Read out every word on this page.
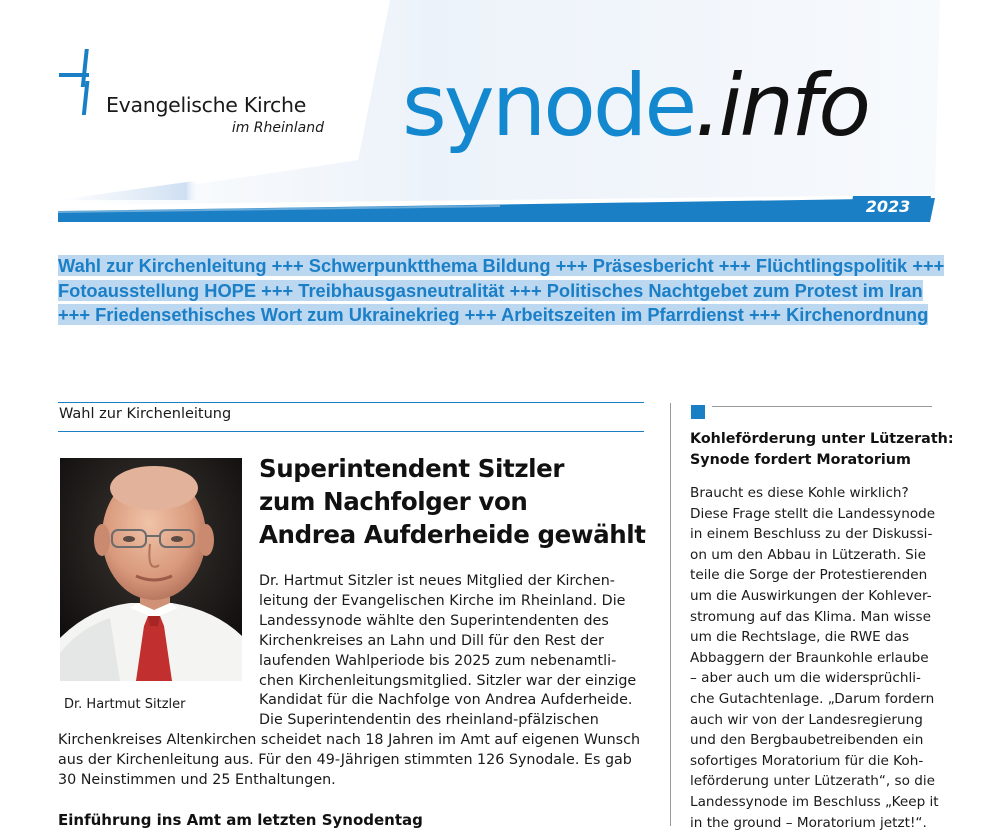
Evangelische Kirche
im Rheinland synode.info
2023
Wahl zur Kirchenleitung +++ Schwerpunktthema Bildung +++ Präsesbericht +++ Flüchtlingspolitik +++
Fotoausstellung HOPE +++ Treibhausgasneutralität +++ Politisches Nachtgebet zum Protest im Iran
+++ Friedensethisches Wort zum Ukrainekrieg +++ Arbeitszeiten im Pfarrdienst +++ Kirchenordnung
Wahl zur Kirchenleitung
Dr. Hartmut Sitzler
Superintendent Sitzler
zum Nachfolger von
Andrea Aufderheide gewählt
Dr. Hartmut Sitzler ist neues Mitglied der Kirchen-
leitung der Evangelischen Kirche im Rheinland. Die
Landessynode wählte den Superintendenten des
Kirchenkreises an Lahn und Dill für den Rest der
laufenden Wahlperiode bis 2025 zum nebenamtli-
chen Kirchenleitungsmitglied. Sitzler war der einzige
Kandidat für die Nachfolge von Andrea Aufderheide.
Die Superintendentin des rheinland-pfälzischen
Kirchenkreises Altenkirchen scheidet nach 18 Jahren im Amt auf eigenen Wunsch
aus der Kirchenleitung aus. Für den 49-Jährigen stimmten 126 Synodale. Es gab
30 Neinstimmen und 25 Enthaltungen.
Einführung ins Amt am letzten Synodentag
Kohleförderung unter Lützerath:
Synode fordert Moratorium
Braucht es diese Kohle wirklich?
Diese Frage stellt die Landessynode
in einem Beschluss zu der Diskussi-
on um den Abbau in Lützerath. Sie
teile die Sorge der Protestierenden
um die Auswirkungen der Kohlever-
stromung auf das Klima. Man wisse
um die Rechtslage, die RWE das
Abbaggern der Braunkohle erlaube
– aber auch um die widersprüchli-
che Gutachtenlage. „Darum fordern
auch wir von der Landesregierung
und den Bergbaubetreibenden ein
sofortiges Moratorium für die Koh-
leförderung unter Lützerath“, so die
Landessynode im Beschluss „Keep it
in the ground – Moratorium jetzt!“.
